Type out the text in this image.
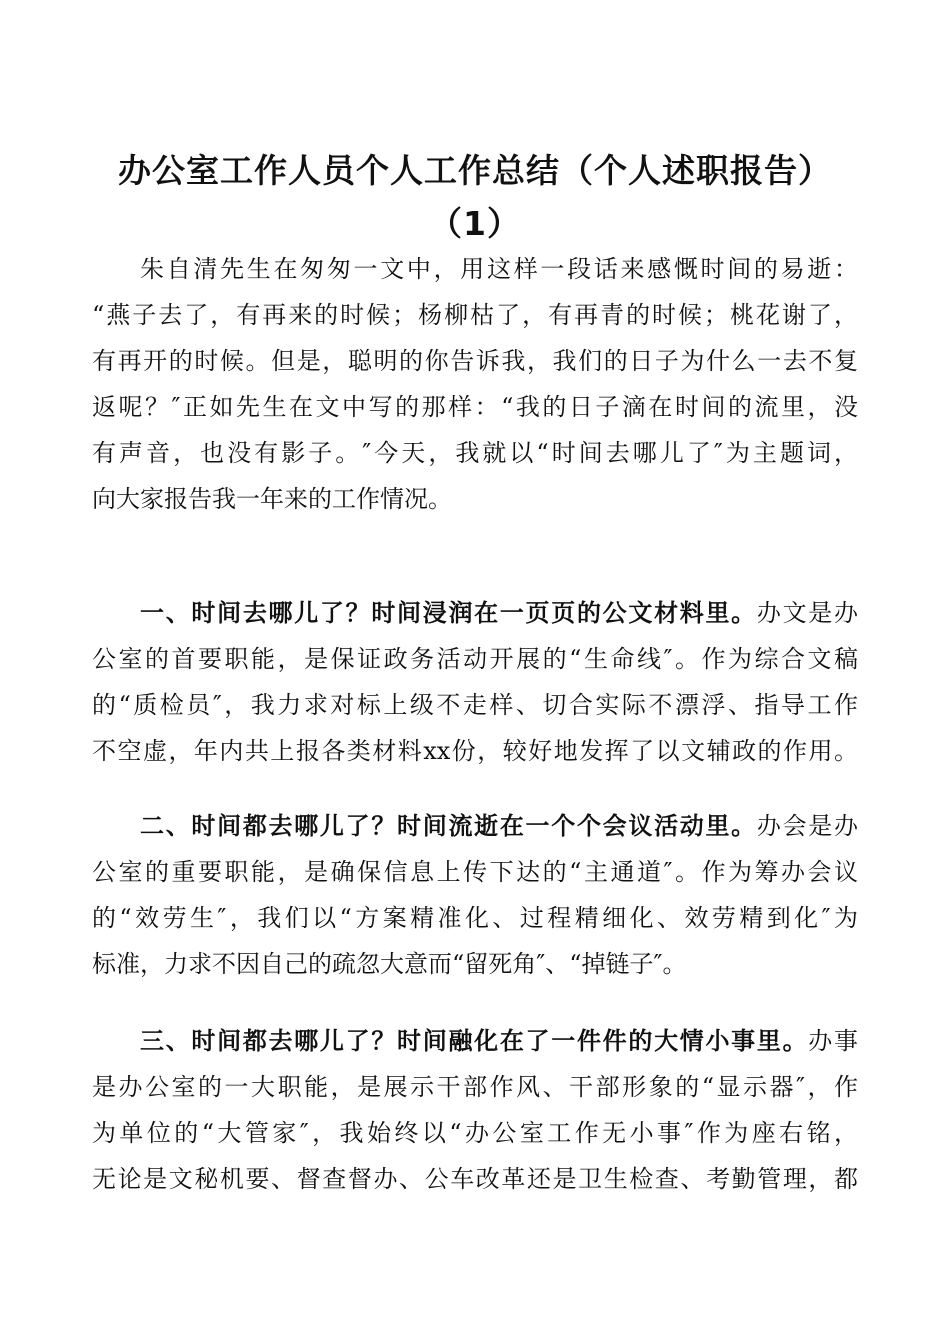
办公室工作人员个人工作总结（个人述职报告）
（1）
朱自清先生在匆匆一文中，用这样一段话来感慨时间的易逝：
“燕子去了，有再来的时候；杨柳枯了，有再青的时候；桃花谢了，
有再开的时候。但是，聪明的你告诉我，我们的日子为什么一去不复
返呢？″正如先生在文中写的那样：“我的日子滴在时间的流里，没
有声音，也没有影子。″今天，我就以“时间去哪儿了″为主题词，
向大家报告我一年来的工作情况。
一、时间去哪儿了？时间浸润在一页页的公文材料里。办文是办
公室的首要职能，是保证政务活动开展的“生命线″。作为综合文稿
的“质检员″，我力求对标上级不走样、切合实际不漂浮、指导工作
不空虚，年内共上报各类材料xx份，较好地发挥了以文辅政的作用。
二、时间都去哪儿了？时间流逝在一个个会议活动里。办会是办
公室的重要职能，是确保信息上传下达的“主通道″。作为筹办会议
的“效劳生″，我们以“方案精准化、过程精细化、效劳精到化″为
标准，力求不因自己的疏忽大意而“留死角″、“掉链子″。
三、时间都去哪儿了？时间融化在了一件件的大情小事里。办事
是办公室的一大职能，是展示干部作风、干部形象的“显示器″，作
为单位的“大管家″，我始终以“办公室工作无小事″作为座右铭，
无论是文秘机要、督查督办、公车改革还是卫生检查、考勤管理，都
